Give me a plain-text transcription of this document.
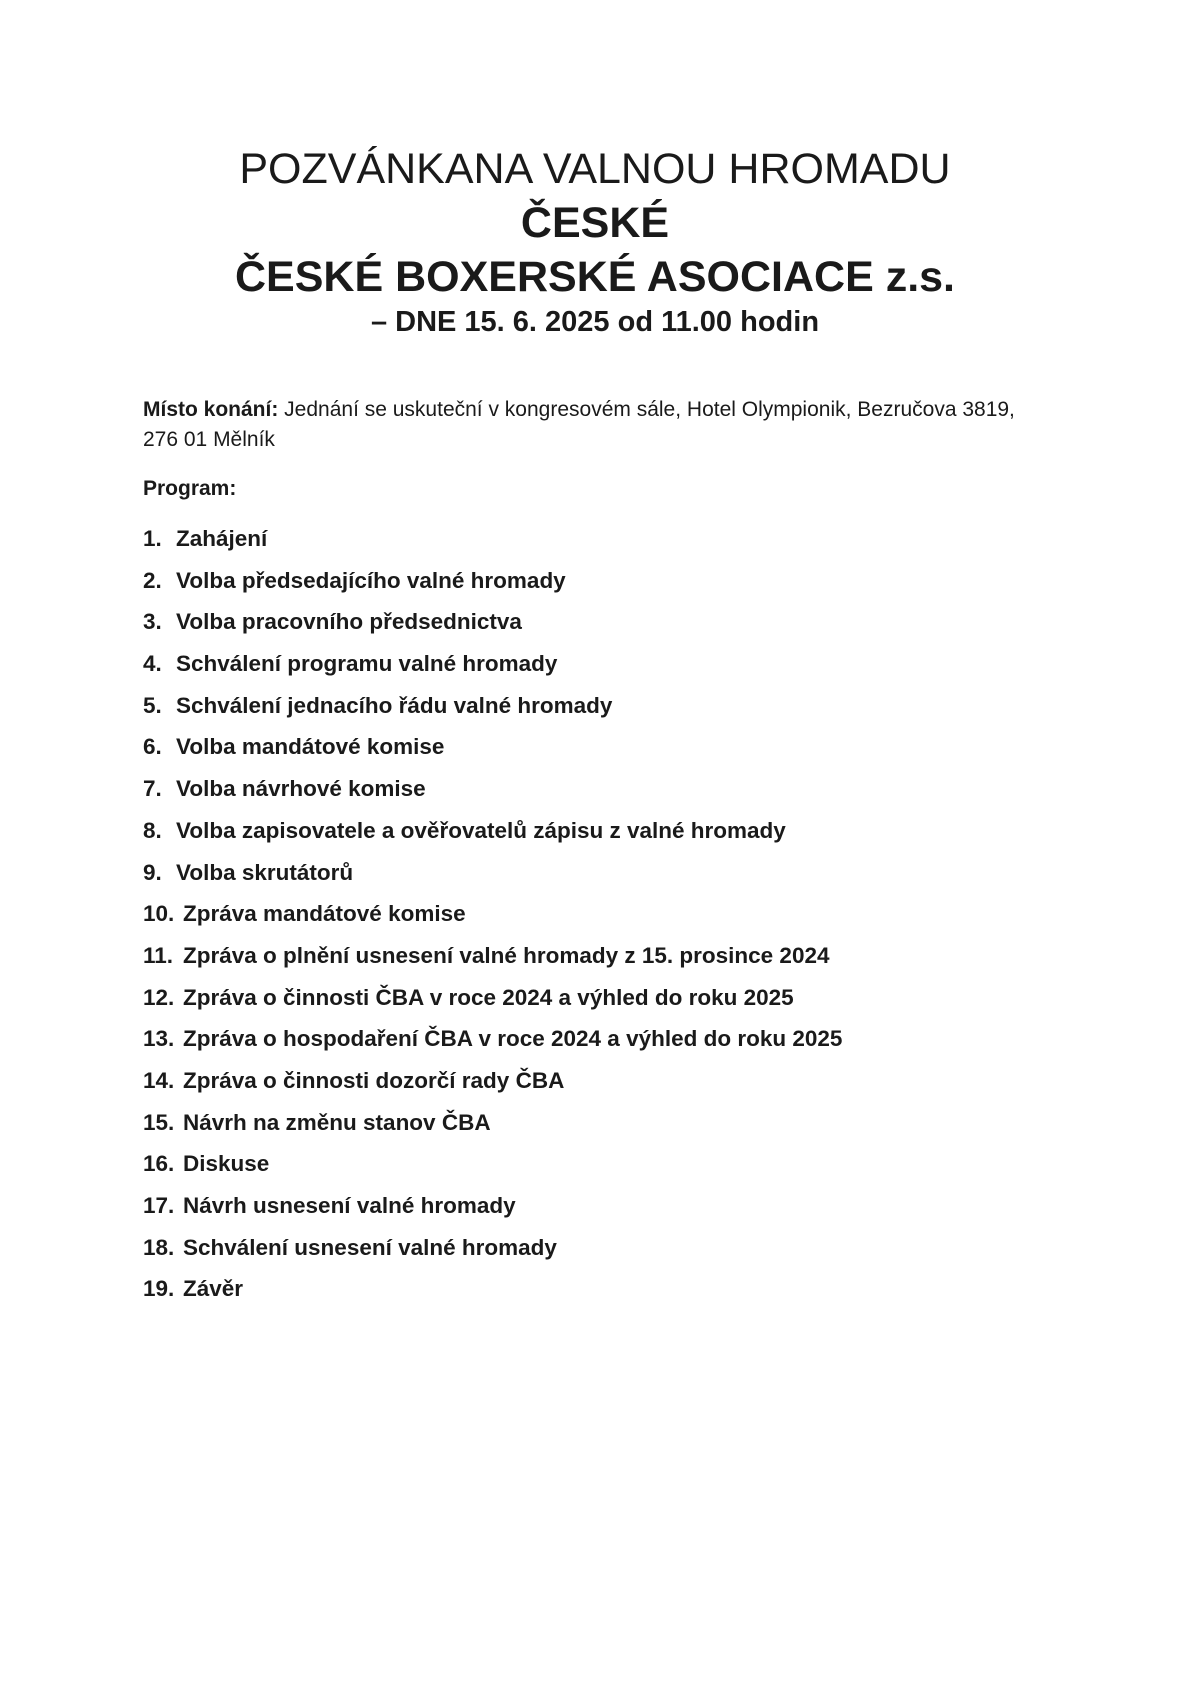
POZVÁNKANA VALNOU HROMADU
ČESKÉ
ČESKÉ BOXERSKÉ ASOCIACE z.s.
– DNE 15. 6. 2025 od 11.00 hodin
Místo konání: Jednání se uskuteční v kongresovém sále, Hotel Olympionik, Bezručova 3819, 276 01 Mělník
Program:
1. Zahájení
2. Volba předsedajícího valné hromady
3. Volba pracovního předsednictva
4. Schválení programu valné hromady
5. Schválení jednacího řádu valné hromady
6. Volba mandátové komise
7. Volba návrhové komise
8. Volba zapisovatele a ověřovatelů zápisu z valné hromady
9. Volba skrutátorů
10. Zpráva mandátové komise
11. Zpráva o plnění usnesení valné hromady z 15. prosince 2024
12. Zpráva o činnosti ČBA v roce 2024 a výhled do roku 2025
13. Zpráva o hospodaření ČBA v roce 2024 a výhled do roku 2025
14. Zpráva o činnosti dozorčí rady ČBA
15. Návrh na změnu stanov ČBA
16. Diskuse
17. Návrh usnesení valné hromady
18. Schválení usnesení valné hromady
19. Závěr
